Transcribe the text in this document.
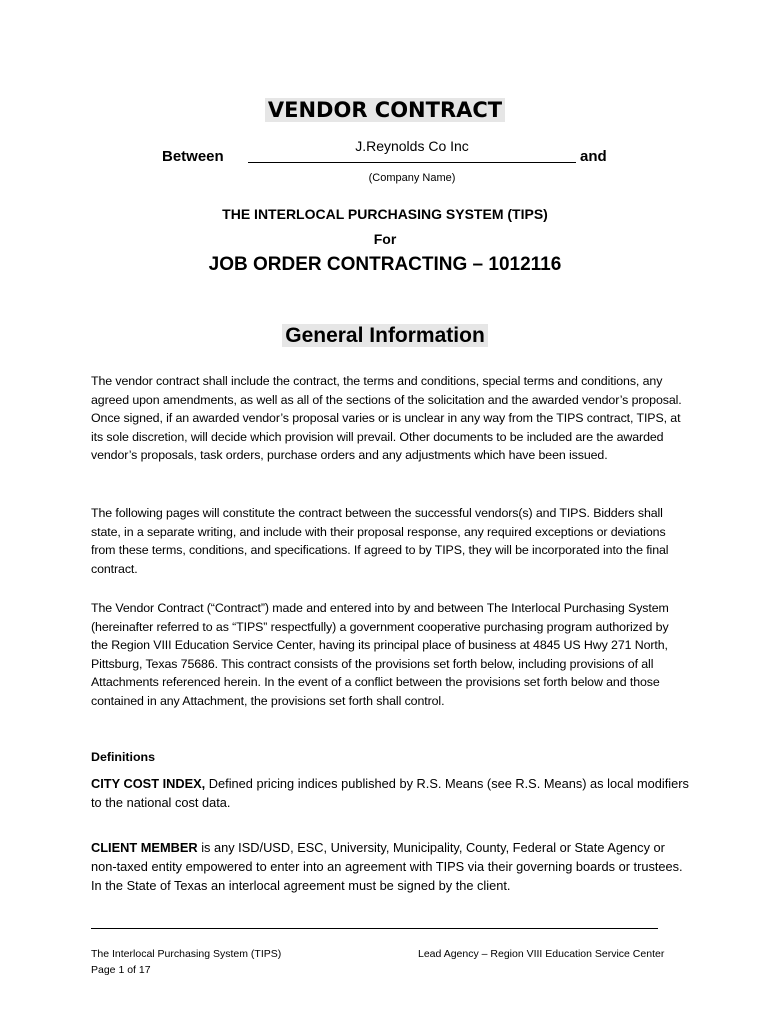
VENDOR CONTRACT
Between
J.Reynolds Co Inc
and
(Company Name)
THE INTERLOCAL PURCHASING SYSTEM (TIPS)
For
JOB ORDER CONTRACTING – 1012116
General Information
The vendor contract shall include the contract, the terms and conditions, special terms and conditions, any agreed upon amendments, as well as all of the sections of the solicitation and the awarded vendor’s proposal. Once signed, if an awarded vendor’s proposal varies or is unclear in any way from the TIPS contract, TIPS, at its sole discretion, will decide which provision will prevail. Other documents to be included are the awarded vendor’s proposals, task orders, purchase orders and any adjustments which have been issued.
The following pages will constitute the contract between the successful vendors(s) and TIPS. Bidders shall state, in a separate writing, and include with their proposal response, any required exceptions or deviations from these terms, conditions, and specifications. If agreed to by TIPS, they will be incorporated into the final contract.
The Vendor Contract (“Contract”) made and entered into by and between The Interlocal Purchasing System (hereinafter referred to as “TIPS” respectfully) a government cooperative purchasing program authorized by the Region VIII Education Service Center, having its principal place of business at 4845 US Hwy 271 North, Pittsburg, Texas 75686. This contract consists of the provisions set forth below, including provisions of all Attachments referenced herein. In the event of a conflict between the provisions set forth below and those contained in any Attachment, the provisions set forth shall control.
Definitions
CITY COST INDEX, Defined pricing indices published by R.S. Means (see R.S. Means) as local modifiers to the national cost data.
CLIENT MEMBER is any ISD/USD, ESC, University, Municipality, County, Federal or State Agency or non-taxed entity empowered to enter into an agreement with TIPS via their governing boards or trustees. In the State of Texas an interlocal agreement must be signed by the client.
The Interlocal Purchasing System (TIPS)
Page 1 of 17
Lead Agency – Region VIII Education Service Center
